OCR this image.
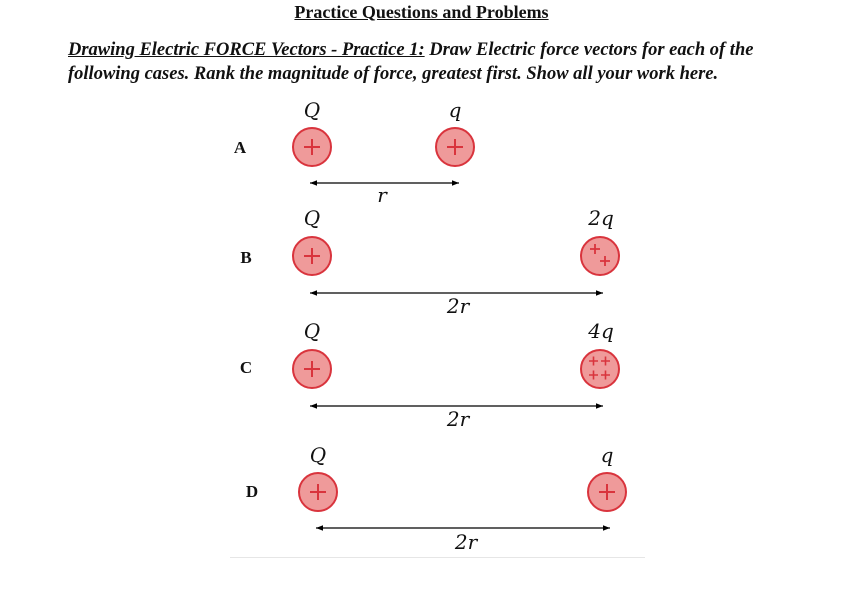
Practice Questions and Problems
Drawing Electric FORCE Vectors - Practice 1: Draw Electric force vectors for each of the following cases. Rank the magnitude of force, greatest first. Show all your work here.
A
B
C
D
Q	q
Q	2q
Q	4q
Q	q
r
2r
2r
2r
